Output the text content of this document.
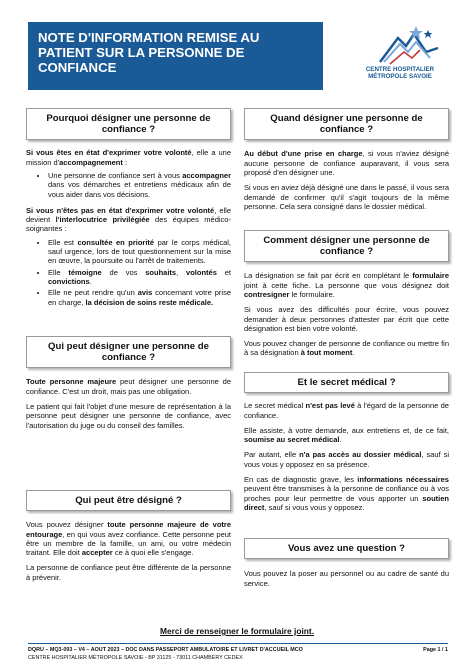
NOTE D'INFORMATION REMISE AU PATIENT SUR LA PERSONNE DE CONFIANCE	CENTRE HOSPITALIER
MÉTROPOLE SAVOIE
Pourquoi désigner une personne de confiance ?

Si vous êtes en état d'exprimer votre volonté, elle a une mission d'accompagnement :

• Une personne de confiance sert à vous accompagner dans vos démarches et entretiens médicaux afin de vous aider dans vos décisions.

Si vous n'êtes pas en état d'exprimer votre volonté, elle devient l'interlocutrice privilégiée des équipes médico-soignantes :

• Elle est consultée en priorité par le corps médical, sauf urgence, lors de tout questionnement sur la mise en œuvre, la poursuite ou l'arrêt de traitements.
• Elle témoigne de vos souhaits, volontés et convictions.
• Elle ne peut rendre qu'un avis concernant votre prise en charge, la décision de soins reste médicale.
Qui peut désigner une personne de confiance ?

Toute personne majeure peut désigner une personne de confiance. C'est un droit, mais pas une obligation.

Le patient qui fait l'objet d'une mesure de représentation à la personne peut désigner une personne de confiance, avec l'autorisation du juge ou du conseil des familles.

Qui peut être désigné ?

Vous pouvez désigner toute personne majeure de votre entourage, en qui vous avez confiance. Cette personne peut être un membre de la famille, un ami, ou votre médecin traitant. Elle doit accepter ce à quoi elle s'engage.

La personne de confiance peut être différente de la personne à prévenir.

Quand désigner une personne de confiance ?

Au début d'une prise en charge, si vous n'aviez désigné aucune personne de confiance auparavant, il vous sera proposé d'en désigner une.

Si vous en aviez déjà désigné une dans le passé, il vous sera demandé de confirmer qu'il s'agit toujours de la même personne. Cela sera consigné dans le dossier médical.

Comment désigner une personne de confiance ?

La désignation se fait par écrit en complétant le formulaire joint à cette fiche. La personne que vous désignez doit contresigner le formulaire.

Si vous avez des difficultés pour écrire, vous pouvez demander à deux personnes d'attester par écrit que cette désignation est bien votre volonté.

Vous pouvez changer de personne de confiance ou mettre fin à sa désignation à tout moment.

Et le secret médical ?

Le secret médical n'est pas levé à l'égard de la personne de confiance.

Elle assiste, à votre demande, aux entretiens et, de ce fait, soumise au secret médical.

Par autant, elle n'a pas accès au dossier médical, sauf si vous vous y opposez en sa présence.

En cas de diagnostic grave, les informations nécessaires peuvent être transmises à la personne de confiance ou à vos proches pour leur permettre de vous apporter un soutien direct, sauf si vous vous y opposez.

Vous avez une question ?

Vous pouvez la poser au personnel ou au cadre de santé du service.

Merci de renseigner le formulaire joint.
DQRU – MQ3-093 – V4 – AOUT 2023 – DOC DANS PASSEPORT AMBULATOIRE ET LIVRET D'ACCUEIL MCO	Page 1 / 1
CENTRE HOSPITALIER MÉTROPOLE SAVOIE - BP 31125 - 73011 CHAMBÉRY CEDEX
